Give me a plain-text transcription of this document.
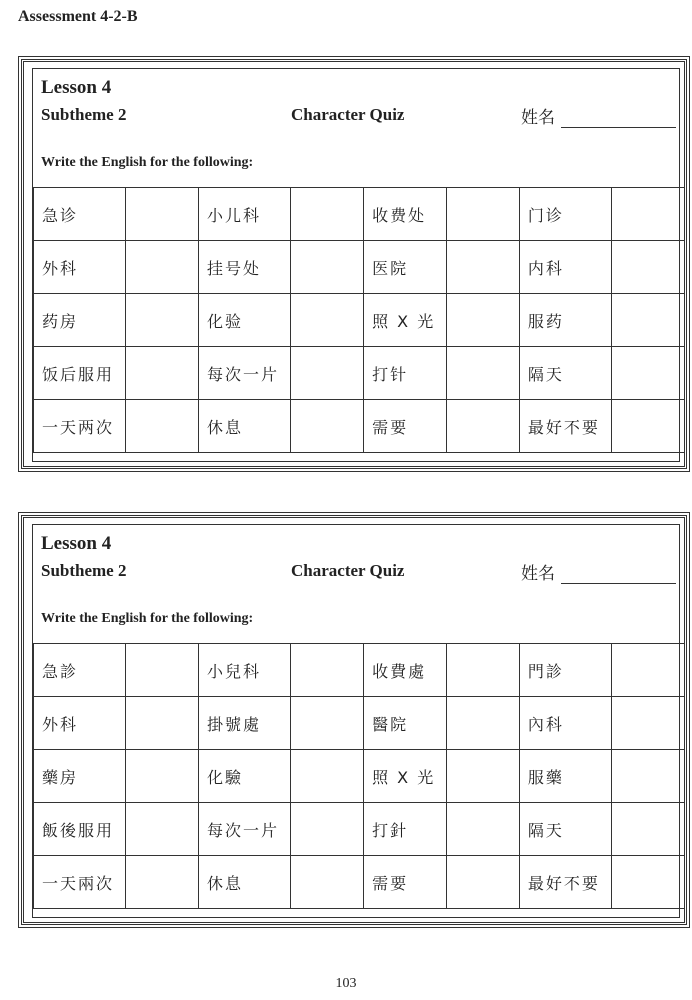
Assessment 4-2-B
Lesson 4
Subtheme 2	Character Quiz	姓名
Write the English for the following:
急诊		小儿科		收费处		门诊	
外科		挂号处		医院		内科	
药房		化验		照 X 光		服药	
饭后服用		每次一片		打针		隔天	
一天两次		休息		需要		最好不要	
Lesson 4
Subtheme 2	Character Quiz	姓名
Write the English for the following:
急診		小兒科		收費處		門診	
外科		掛號處		醫院		內科	
藥房		化驗		照 X 光		服藥	
飯後服用		每次一片		打針		隔天	
一天兩次		休息		需要		最好不要	
103
